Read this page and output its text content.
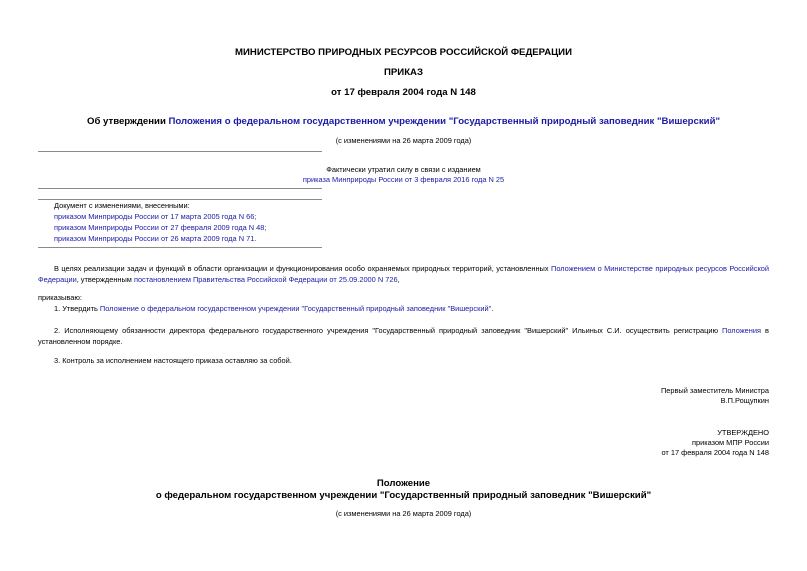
МИНИСТЕРСТВО ПРИРОДНЫХ РЕСУРСОВ РОССИЙСКОЙ ФЕДЕРАЦИИ
ПРИКАЗ
от 17 февраля 2004 года N 148
Об утверждении Положения о федеральном государственном учреждении "Государственный природный заповедник "Вишерский"
(с изменениями на 26 марта 2009 года)
Фактически утратил силу в связи с изданием
приказа Минприроды России от 3 февраля 2016 года N 25
Документ с изменениями, внесенными:
приказом Минприроды России от 17 марта 2005 года N 66;
приказом Минприроды России от 27 февраля 2009 года N 48;
приказом Минприроды России от 26 марта 2009 года N 71.

В целях реализации задач и функций в области организации и функционирования особо охраняемых природных территорий, установленных Положением о Министерстве природных ресурсов Российской Федерации, утвержденным постановлением Правительства Российской Федерации от 25.09.2000 N 726,

приказываю:

1. Утвердить Положение о федеральном государственном учреждении "Государственный природный заповедник "Вишерский".

2. Исполняющему обязанности директора федерального государственного учреждения "Государственный природный заповедник "Вишерский" Ильиных С.И. осуществить регистрацию Положения в установленном порядке.

3. Контроль за исполнением настоящего приказа оставляю за собой.
Первый заместитель Министра
В.П.Рощупкин
УТВЕРЖДЕНО
приказом МПР России
от 17 февраля 2004 года N 148
Положение
о федеральном государственном учреждении "Государственный природный заповедник "Вишерский"
(с изменениями на 26 марта 2009 года)
